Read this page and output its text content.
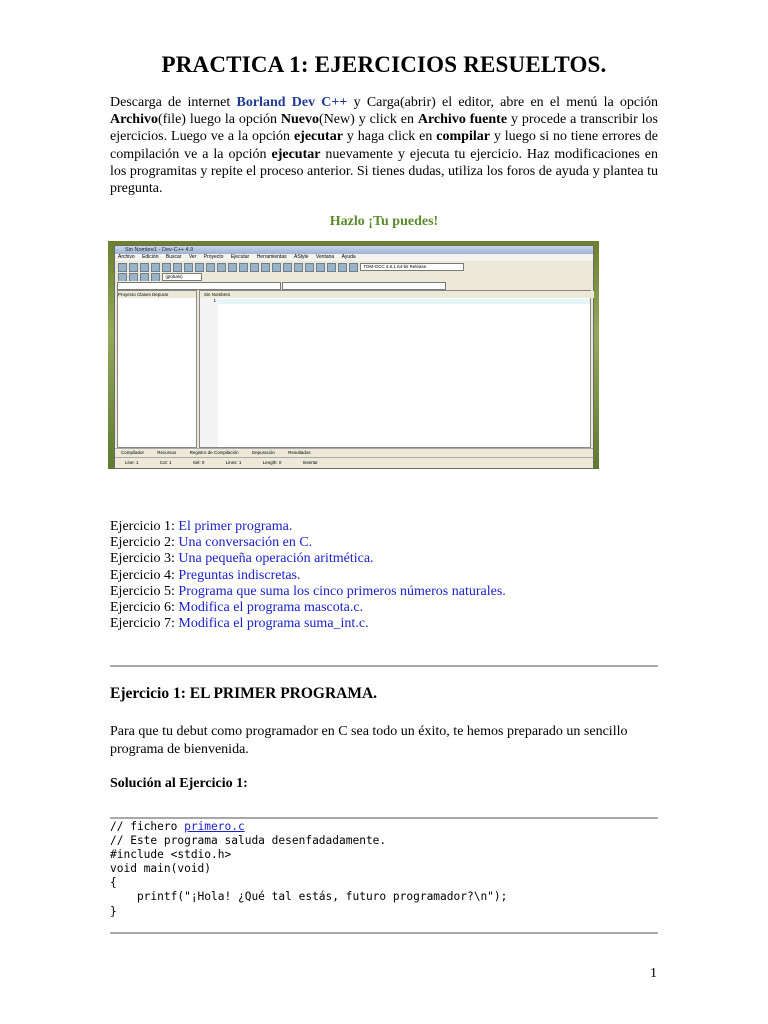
PRACTICA 1: EJERCICIOS RESUELTOS.
Descarga de internet Borland Dev C++ y Carga(abrir) el editor, abre en el menú la opción Archivo(file) luego la opción Nuevo(New) y click en Archivo fuente y procede a transcribir los ejercicios. Luego ve a la opción ejecutar y haga click en compilar y luego si no tiene errores de compilación ve a la opción ejecutar nuevamente y ejecuta tu ejercicio. Haz modificaciones en los programitas y repite el proceso anterior. Si tienes dudas, utiliza los foros de ayuda y plantea tu pregunta.
Hazlo ¡Tu puedes!
Sin Nombre1 - Dev-C++ 4.9
Archivo Edición Buscar Ver Proyecto Ejecutar Herramientas AStyle Ventana Ayuda
TDM-GCC 4.6.1 64-bit Release
(globals)

Proyecto Clases Depurar	Sin Nombre1
1
Compilador	Recursos	Registro de Compilación	Depuración	Resultados
Line: 1	Col: 1	Sel: 0	Lines: 1	Length: 0	Insertar
Ejercicio 1: El primer programa.
Ejercicio 2: Una conversación en C.
Ejercicio 3: Una pequeña operación aritmética.
Ejercicio 4: Preguntas indiscretas.
Ejercicio 5: Programa que suma los cinco primeros números naturales.
Ejercicio 6: Modifica el programa mascota.c.
Ejercicio 7: Modifica el programa suma_int.c.
Ejercicio 1: EL PRIMER PROGRAMA.
Para que tu debut como programador en C sea todo un éxito, te hemos preparado un sencillo programa de bienvenida.
Solución al Ejercicio 1:
// fichero primero.c
// Este programa saluda desenfadadamente.
#include <stdio.h>
void main(void)
{
printf("¡Hola! ¿Qué tal estás, futuro programador?\n");
}
1
